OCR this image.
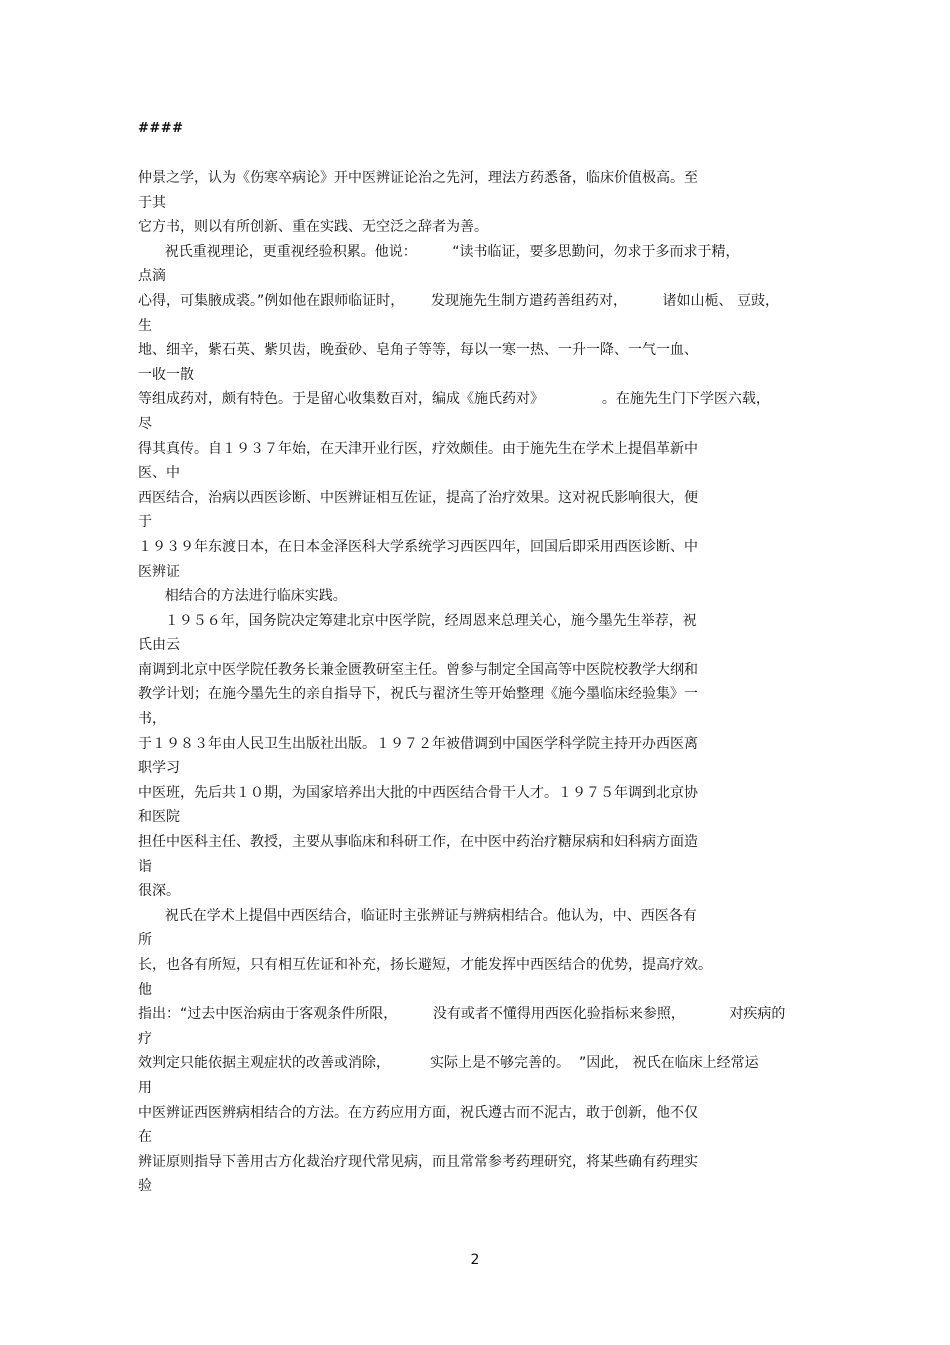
####
仲景之学，认为《伤寒卒病论》开中医辨证论治之先河，理法方药悉备，临床价值极高。至
于其
它方书，则以有所创新、重在实践、无空泛之辞者为善。
祝氏重视理论，更重视经验积累。他说：        “读书临证，要多思勤问，勿求于多而求于精，
点滴
心得，可集腋成裘。”例如他在跟师临证时，      发现施先生制方遣药善组药对，        诸如山栀、 豆豉，
生
地、细辛，紫石英、紫贝齿，晚蚕砂、皂角子等等，每以一寒一热、一升一降、一气一血、
一收一散
等组成药对，颇有特色。于是留心收集数百对，编成《施氏药对》             。在施先生门下学医六载，
尽
得其真传。自１９３７年始，在天津开业行医，疗效颇佳。由于施先生在学术上提倡革新中
医、中
西医结合，治病以西医诊断、中医辨证相互佐证，提高了治疗效果。这对祝氏影响很大，便
于
１９３９年东渡日本，在日本金泽医科大学系统学习西医四年，回国后即采用西医诊断、中
医辨证
相结合的方法进行临床实践。
１９５６年，国务院决定筹建北京中医学院，经周恩来总理关心，施今墨先生举荐，祝
氏由云
南调到北京中医学院任教务长兼金匮教研室主任。曾参与制定全国高等中医院校教学大纲和
教学计划；在施今墨先生的亲自指导下，祝氏与翟济生等开始整理《施今墨临床经验集》一
书，
于１９８３年由人民卫生出版社出版。１９７２年被借调到中国医学科学院主持开办西医离
职学习
中医班，先后共１０期，为国家培养出大批的中西医结合骨干人才。１９７５年调到北京协
和医院
担任中医科主任、教授，主要从事临床和科研工作，在中医中药治疗糖尿病和妇科病方面造
诣
很深。
祝氏在学术上提倡中西医结合，临证时主张辨证与辨病相结合。他认为，中、西医各有
所
长，也各有所短，只有相互佐证和补充，扬长避短，才能发挥中西医结合的优势，提高疗效。
他
指出：“过去中医治病由于客观条件所限，        没有或者不懂得用西医化验指标来参照，          对疾病的
疗
效判定只能依据主观症状的改善或消除，         实际上是不够完善的。  ”因此， 祝氏在临床上经常运
用
中医辨证西医辨病相结合的方法。在方药应用方面，祝氏遵古而不泥古，敢于创新，他不仅
在
辨证原则指导下善用古方化裁治疗现代常见病，而且常常参考药理研究，将某些确有药理实
验
2
